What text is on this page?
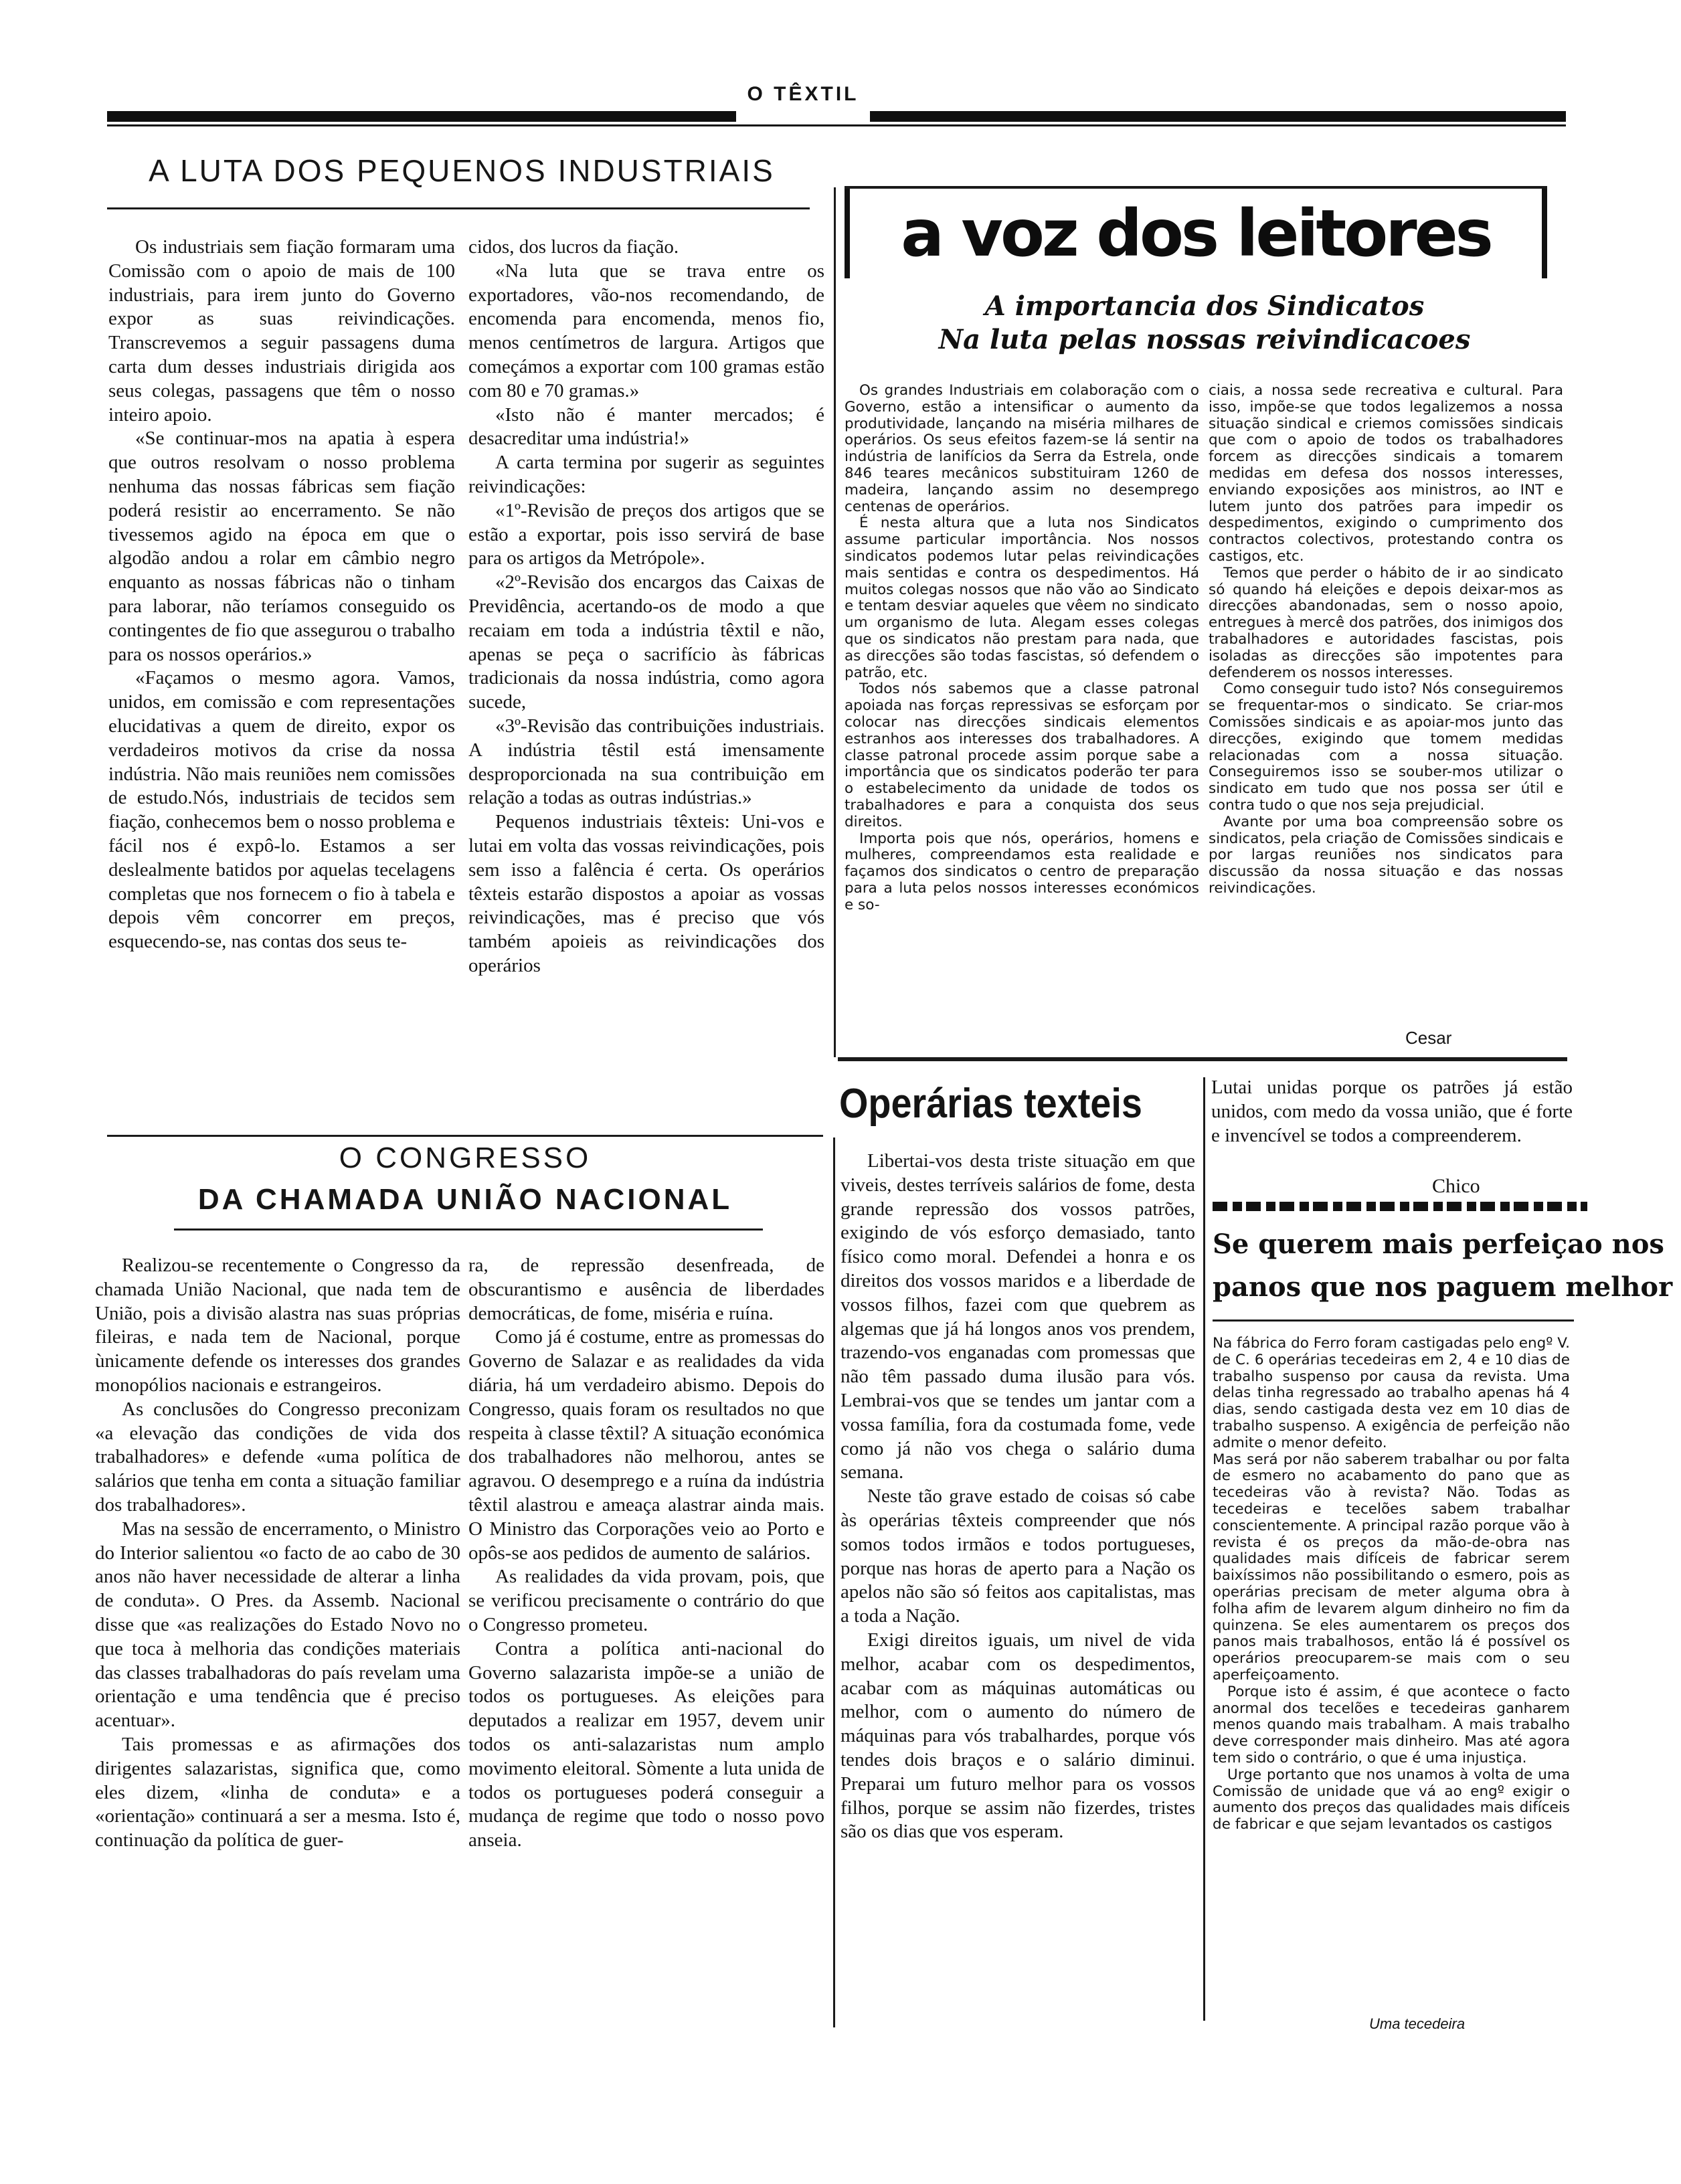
O TÊXTIL
A LUTA DOS PEQUENOS INDUSTRIAIS

Os industriais sem fiação formaram uma Comissão com o apoio de mais de 100 industriais, para irem junto do Governo expor as suas reivindicações. Transcrevemos a seguir passagens duma carta dum desses industriais dirigida aos seus colegas, passagens que têm o nosso inteiro apoio.

«Se continuar-mos na apatia à espera que outros resolvam o nosso problema nenhuma das nossas fábricas sem fiação poderá resistir ao encerramento. Se não tivessemos agido na época em que o algodão andou a rolar em câmbio negro enquanto as nossas fábricas não o tinham para laborar, não teríamos conseguido os contingentes de fio que assegurou o trabalho para os nossos operários.»

«Façamos o mesmo agora. Vamos, unidos, em comissão e com representações elucidativas a quem de direito, expor os verdadeiros motivos da crise da nossa indústria. Não mais reuniões nem comissões de estudo.Nós, industriais de tecidos sem fiação, conhecemos bem o nosso problema e fácil nos é expô-lo. Estamos a ser deslealmente batidos por aquelas tecelagens completas que nos fornecem o fio à tabela e depois vêm concorrer em preços, esquecendo-se, nas contas dos seus te-

cidos, dos lucros da fiação.

«Na luta que se trava entre os exportadores, vão-nos recomendando, de encomenda para encomenda, menos fio, menos centímetros de largura. Artigos que começámos a exportar com 100 gramas estão com 80 e 70 gramas.»

«Isto não é manter mercados; é desacreditar uma indústria!»

A carta termina por sugerir as seguintes reivindicações:

«1º-Revisão de preços dos artigos que se estão a exportar, pois isso servirá de base para os artigos da Metrópole».

«2º-Revisão dos encargos das Caixas de Previdência, acertando-os de modo a que recaiam em toda a indústria têxtil e não, apenas se peça o sacrifício às fábricas tradicionais da nossa indústria, como agora sucede,

«3º-Revisão das contribuições industriais. A indústria têstil está imensamente desproporcionada na sua contribuição em relação a todas as outras indústrias.»

Pequenos industriais têxteis: Uni-vos e lutai em volta das vossas reivindicações, pois sem isso a falência é certa. Os operários têxteis estarão dispostos a apoiar as vossas reivindicações, mas é preciso que vós também apoieis as reivindicações dos operários

O CONGRESSO
DA CHAMADA UNIÃO NACIONAL

Realizou-se recentemente o Congresso da chamada União Nacional, que nada tem de União, pois a divisão alastra nas suas próprias fileiras, e nada tem de Nacional, porque ùnicamente defende os interesses dos grandes monopólios nacionais e estrangeiros.

As conclusões do Congresso preconizam «a elevação das condições de vida dos trabalhadores» e defende «uma política de salários que tenha em conta a situação familiar dos trabalhadores».

Mas na sessão de encerramento, o Ministro do Interior salientou «o facto de ao cabo de 30 anos não haver necessidade de alterar a linha de conduta». O Pres. da Assemb. Nacional disse que «as realizações do Estado Novo no que toca à melhoria das condições materiais das classes trabalhadoras do país revelam uma orientação e uma tendência que é preciso acentuar».

Tais promessas e as afirmações dos dirigentes salazaristas, significa que, como eles dizem, «linha de conduta» e a «orientação» continuará a ser a mesma. Isto é, continuação da política de guer-

ra, de repressão desenfreada, de obscurantismo e ausência de liberdades democráticas, de fome, miséria e ruína.

Como já é costume, entre as promessas do Governo de Salazar e as realidades da vida diária, há um verdadeiro abismo. Depois do Congresso, quais foram os resultados no que respeita à classe têxtil? A situação económica dos trabalhadores não melhorou, antes se agravou. O desemprego e a ruína da indústria têxtil alastrou e ameaça alastrar ainda mais. O Ministro das Corporações veio ao Porto e opôs-se aos pedidos de aumento de salários.

As realidades da vida provam, pois, que se verificou precisamente o contrário do que o Congresso prometeu.

Contra a política anti-nacional do Governo salazarista impõe-se a união de todos os portugueses. As eleições para deputados a realizar em 1957, devem unir todos os anti-salazaristas num amplo movimento eleitoral. Sòmente a luta unida de todos os portugueses poderá conseguir a mudança de regime que todo o nosso povo anseia.

a voz dos leitores
A importancia dos Sindicatos
Na luta pelas nossas reivindicacoes

Os grandes Industriais em colaboração com o Governo, estão a intensificar o aumento da produtividade, lançando na miséria milhares de operários. Os seus efeitos fazem-se lá sentir na indústria de lanifícios da Serra da Estrela, onde 846 teares mecânicos substituiram 1260 de madeira, lançando assim no desemprego centenas de operários.

É nesta altura que a luta nos Sindicatos assume particular importância. Nos nossos sindicatos podemos lutar pelas reivindicações mais sentidas e contra os despedimentos. Há muitos colegas nossos que não vão ao Sindicato e tentam desviar aqueles que vêem no sindicato um organismo de luta. Alegam esses colegas que os sindicatos não prestam para nada, que as direcções são todas fascistas, só defendem o patrão, etc.

Todos nós sabemos que a classe patronal apoiada nas forças repressivas se esforçam por colocar nas direcções sindicais elementos estranhos aos interesses dos trabalhadores. A classe patronal procede assim porque sabe a importância que os sindicatos poderão ter para o estabelecimento da unidade de todos os trabalhadores e para a conquista dos seus direitos.

Importa pois que nós, operários, homens e mulheres, compreendamos esta realidade e façamos dos sindicatos o centro de preparação para a luta pelos nossos interesses económicos e so-

ciais, a nossa sede recreativa e cultural. Para isso, impõe-se que todos legalizemos a nossa situação sindical e criemos comissões sindicais que com o apoio de todos os trabalhadores forcem as direcções sindicais a tomarem medidas em defesa dos nossos interesses, enviando exposições aos ministros, ao INT e lutem junto dos patrões para impedir os despedimentos, exigindo o cumprimento dos contractos colectivos, protestando contra os castigos, etc.

Temos que perder o hábito de ir ao sindicato só quando há eleições e depois deixar-mos as direcções abandonadas, sem o nosso apoio, entregues à mercê dos patrões, dos inimigos dos trabalhadores e autoridades fascistas, pois isoladas as direcções são impotentes para defenderem os nossos interesses.

Como conseguir tudo isto? Nós conseguiremos se frequentar-mos o sindicato. Se criar-mos Comissões sindicais e as apoiar-mos junto das direcções, exigindo que tomem medidas relacionadas com a nossa situação. Conseguiremos isso se souber-mos utilizar o sindicato em tudo que nos possa ser útil e contra tudo o que nos seja prejudicial.

Avante por uma boa compreensão sobre os sindicatos, pela criação de Comissões sindicais e por largas reuniões nos sindicatos para discussão da nossa situação e das nossas reivindicações.

Cesar
Operárias texteis

Libertai-vos desta triste situação em que viveis, destes terríveis salários de fome, desta grande repressão dos vossos patrões, exigindo de vós esforço demasiado, tanto físico como moral. Defendei a honra e os direitos dos vossos maridos e a liberdade de vossos filhos, fazei com que quebrem as algemas que já há longos anos vos prendem, trazendo-vos enganadas com promessas que não têm passado duma ilusão para vós. Lembrai-vos que se tendes um jantar com a vossa família, fora da costumada fome, vede como já não vos chega o salário duma semana.

Neste tão grave estado de coisas só cabe às operárias têxteis compreender que nós somos todos irmãos e todos portugueses, porque nas horas de aperto para a Nação os apelos não são só feitos aos capitalistas, mas a toda a Nação.

Exigi direitos iguais, um nivel de vida melhor, acabar com os despedimentos, acabar com as máquinas automáticas ou melhor, com o aumento do número de máquinas para vós trabalhardes, porque vós tendes dois braços e o salário diminui. Preparai um futuro melhor para os vossos filhos, porque se assim não fizerdes, tristes são os dias que vos esperam.

Lutai unidas porque os patrões já estão unidos, com medo da vossa união, que é forte e invencível se todos a compreenderem.

Chico
Se querem mais perfeiçao nos
panos que nos paguem melhor

Na fábrica do Ferro foram castigadas pelo engº V. de C. 6 operárias tecedeiras em 2, 4 e 10 dias de trabalho suspenso por causa da revista. Uma delas tinha regressado ao trabalho apenas há 4 dias, sendo castigada desta vez em 10 dias de trabalho suspenso. A exigência de perfeição não admite o menor defeito.

Mas será por não saberem trabalhar ou por falta de esmero no acabamento do pano que as tecedeiras vão à revista? Não. Todas as tecedeiras e tecelões sabem trabalhar conscientemente. A principal razão porque vão à revista é os preços da mão-de-obra nas qualidades mais difíceis de fabricar serem baixíssimos não possibilitando o esmero, pois as operárias precisam de meter alguma obra à folha afim de levarem algum dinheiro no fim da quinzena. Se eles aumentarem os preços dos panos mais trabalhosos, então lá é possível os operários preocuparem-se mais com o seu aperfeiçoamento.

Porque isto é assim, é que acontece o facto anormal dos tecelões e tecedeiras ganharem menos quando mais trabalham. A mais trabalho deve corresponder mais dinheiro. Mas até agora tem sido o contrário, o que é uma injustiça.

Urge portanto que nos unamos à volta de uma Comissão de unidade que vá ao engº exigir o aumento dos preços das qualidades mais difíceis de fabricar e que sejam levantados os castigos

Uma tecedeira
